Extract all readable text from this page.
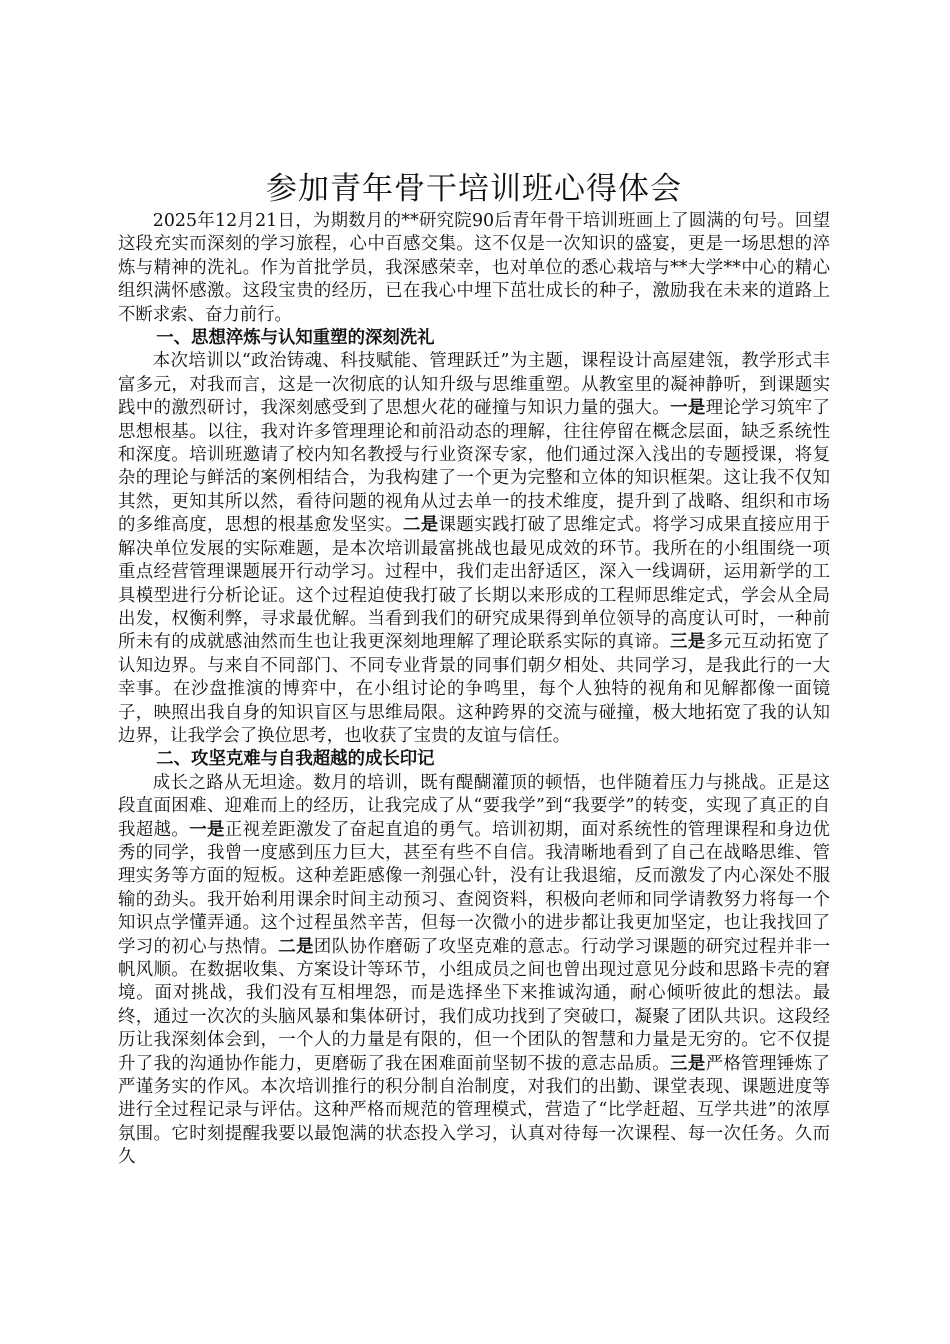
参加青年骨干培训班心得体会

2025年12月21日，为期数月的**研究院90后青年骨干培训班画上了圆满的句号。回望这段充实而深刻的学习旅程，心中百感交集。这不仅是一次知识的盛宴，更是一场思想的淬炼与精神的洗礼。作为首批学员，我深感荣幸，也对单位的悉心栽培与**大学**中心的精心组织满怀感激。这段宝贵的经历，已在我心中埋下茁壮成长的种子，激励我在未来的道路上不断求索、奋力前行。

一、思想淬炼与认知重塑的深刻洗礼

本次培训以“政治铸魂、科技赋能、管理跃迁”为主题，课程设计高屋建瓴，教学形式丰富多元，对我而言，这是一次彻底的认知升级与思维重塑。从教室里的凝神静听，到课题实践中的激烈研讨，我深刻感受到了思想火花的碰撞与知识力量的强大。一是理论学习筑牢了思想根基。以往，我对许多管理理论和前沿动态的理解，往往停留在概念层面，缺乏系统性和深度。培训班邀请了校内知名教授与行业资深专家，他们通过深入浅出的专题授课，将复杂的理论与鲜活的案例相结合，为我构建了一个更为完整和立体的知识框架。这让我不仅知其然，更知其所以然，看待问题的视角从过去单一的技术维度，提升到了战略、组织和市场的多维高度，思想的根基愈发坚实。二是课题实践打破了思维定式。将学习成果直接应用于解决单位发展的实际难题，是本次培训最富挑战也最见成效的环节。我所在的小组围绕一项重点经营管理课题展开行动学习。过程中，我们走出舒适区，深入一线调研，运用新学的工具模型进行分析论证。这个过程迫使我打破了长期以来形成的工程师思维定式，学会从全局出发，权衡利弊，寻求最优解。当看到我们的研究成果得到单位领导的高度认可时，一种前所未有的成就感油然而生也让我更深刻地理解了理论联系实际的真谛。三是多元互动拓宽了认知边界。与来自不同部门、不同专业背景的同事们朝夕相处、共同学习，是我此行的一大幸事。在沙盘推演的博弈中，在小组讨论的争鸣里，每个人独特的视角和见解都像一面镜子，映照出我自身的知识盲区与思维局限。这种跨界的交流与碰撞，极大地拓宽了我的认知边界，让我学会了换位思考，也收获了宝贵的友谊与信任。

二、攻坚克难与自我超越的成长印记

成长之路从无坦途。数月的培训，既有醍醐灌顶的顿悟，也伴随着压力与挑战。正是这段直面困难、迎难而上的经历，让我完成了从“要我学”到“我要学”的转变，实现了真正的自我超越。一是正视差距激发了奋起直追的勇气。培训初期，面对系统性的管理课程和身边优秀的同学，我曾一度感到压力巨大，甚至有些不自信。我清晰地看到了自己在战略思维、管理实务等方面的短板。这种差距感像一剂强心针，没有让我退缩，反而激发了内心深处不服输的劲头。我开始利用课余时间主动预习、查阅资料，积极向老师和同学请教努力将每一个知识点学懂弄通。这个过程虽然辛苦，但每一次微小的进步都让我更加坚定，也让我找回了学习的初心与热情。二是团队协作磨砺了攻坚克难的意志。行动学习课题的研究过程并非一帆风顺。在数据收集、方案设计等环节，小组成员之间也曾出现过意见分歧和思路卡壳的窘境。面对挑战，我们没有互相埋怨，而是选择坐下来推诚沟通，耐心倾听彼此的想法。最终，通过一次次的头脑风暴和集体研讨，我们成功找到了突破口，凝聚了团队共识。这段经历让我深刻体会到，一个人的力量是有限的，但一个团队的智慧和力量是无穷的。它不仅提升了我的沟通协作能力，更磨砺了我在困难面前坚韧不拔的意志品质。三是严格管理锤炼了严谨务实的作风。本次培训推行的积分制自治制度，对我们的出勤、课堂表现、课题进度等进行全过程记录与评估。这种严格而规范的管理模式，营造了“比学赶超、互学共进”的浓厚氛围。它时刻提醒我要以最饱满的状态投入学习，认真对待每一次课程、每一次任务。久而久
